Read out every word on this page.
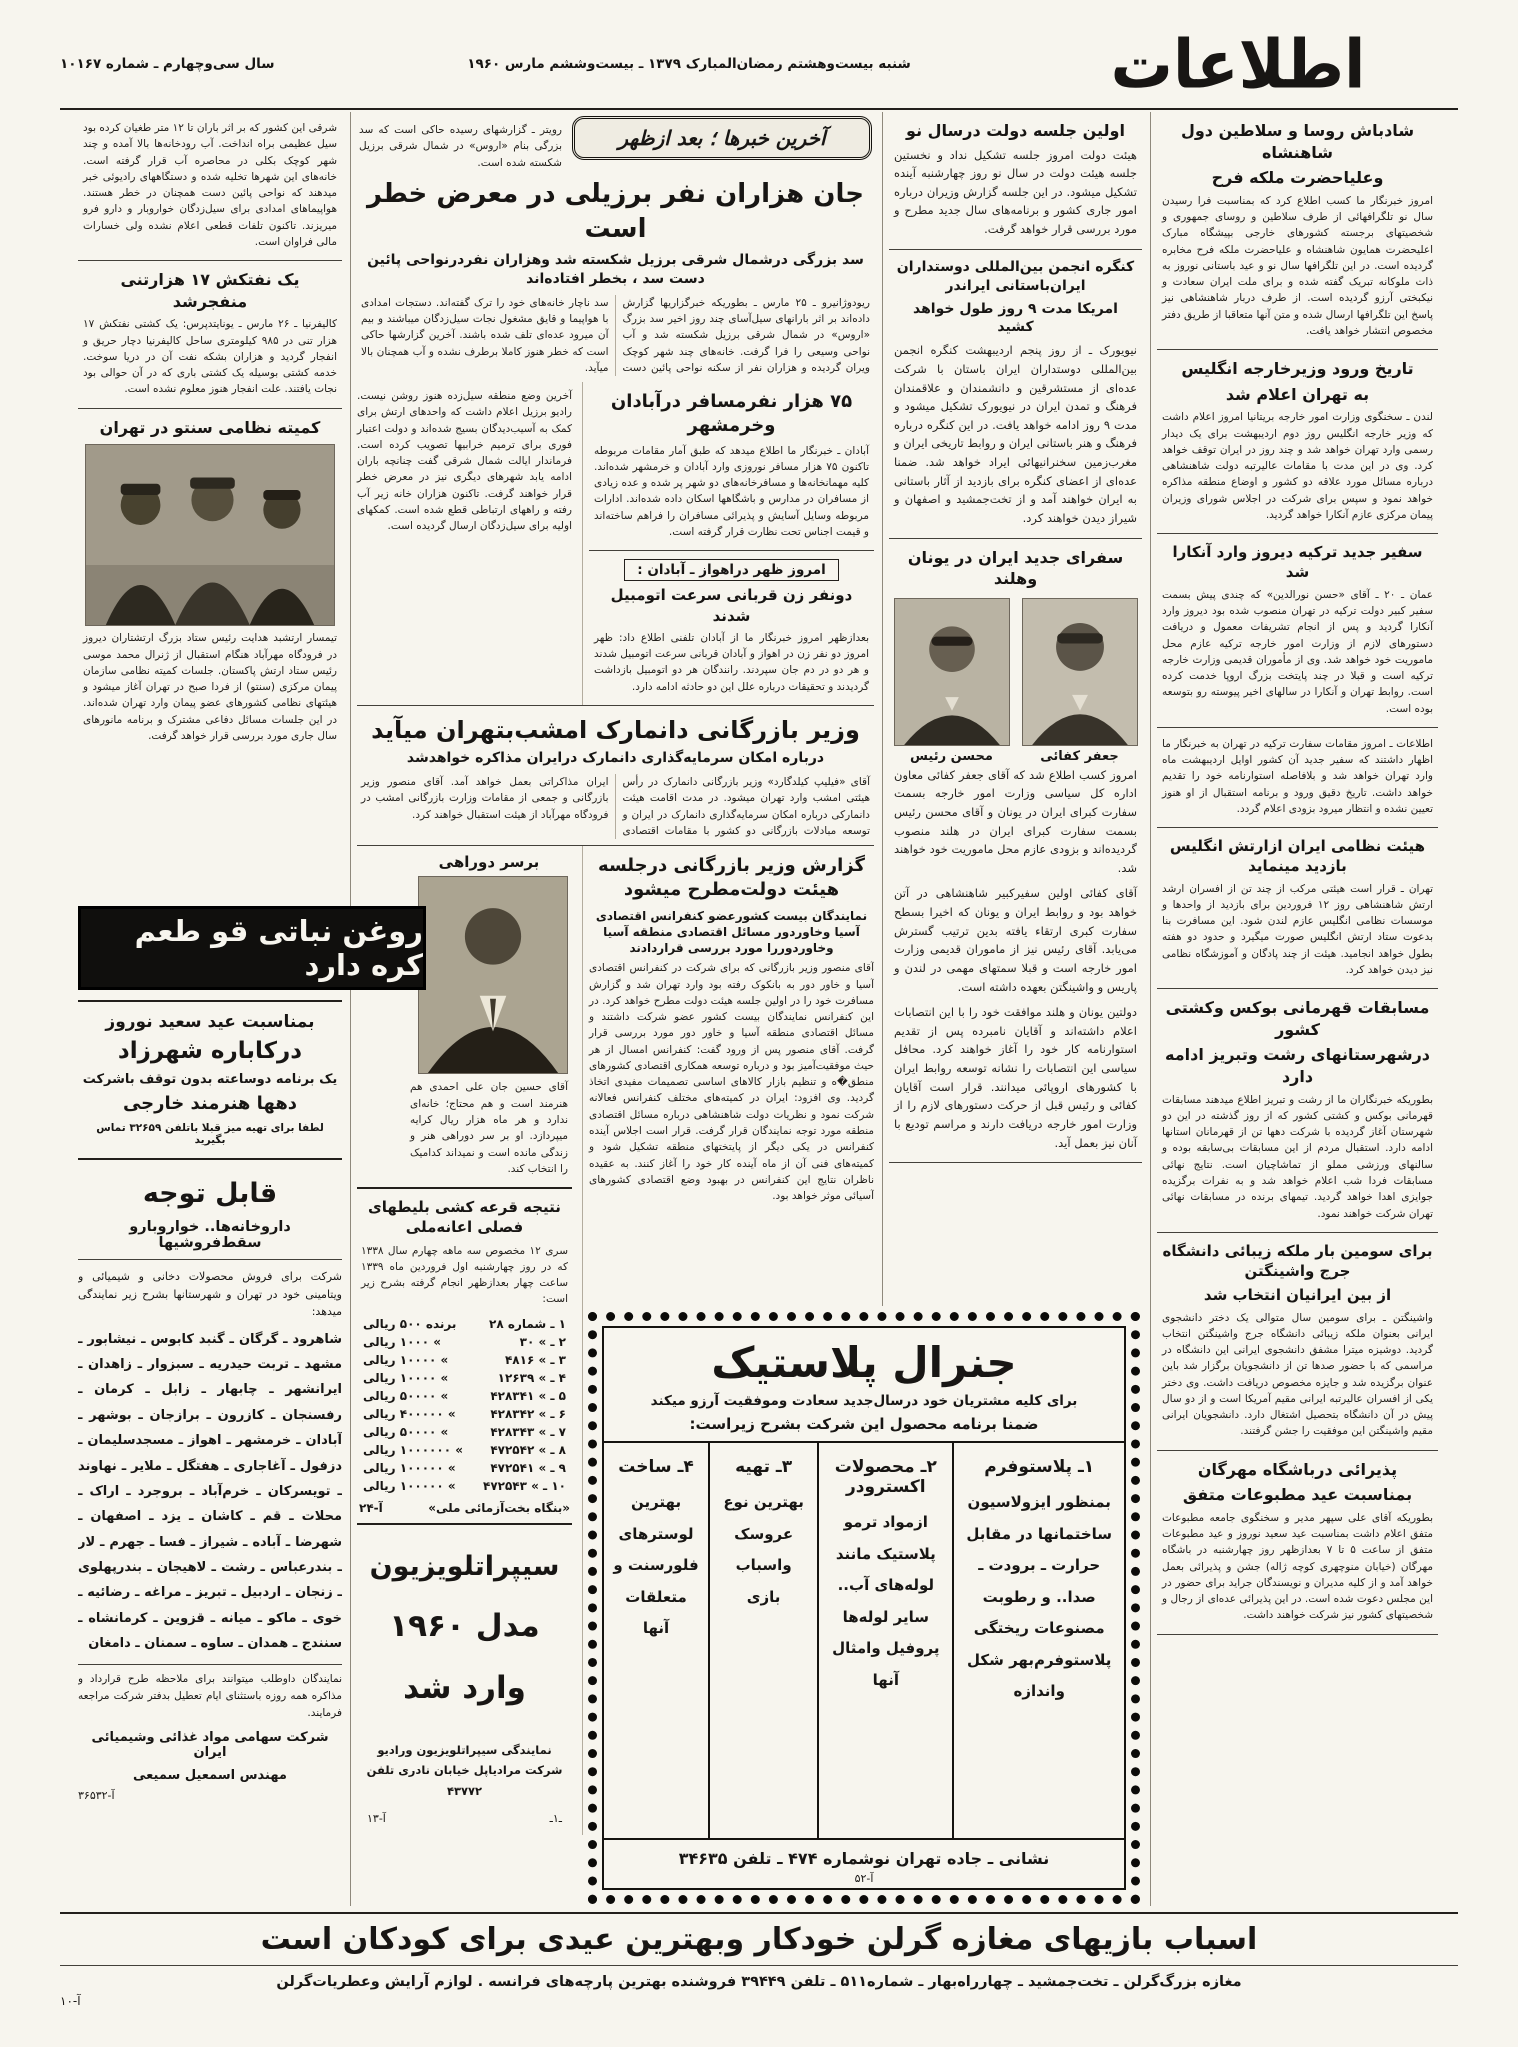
اطلاعات
شنبه بیست‌وهشتم رمضان‌المبارک ۱۳۷۹ ـ بیست‌وششم مارس ۱۹۶۰
سال سی‌وچهارم ـ شماره ۱۰۱۶۷
شادباش روسا و سلاطین دول شاهنشاه
وعلیاحضرت ملکه فرح

امروز خبرنگار ما کسب اطلاع کرد که بمناسبت فرا رسیدن سال نو تلگرافهائی از طرف سلاطین و روسای جمهوری و شخصیتهای برجسته کشورهای خارجی بپیشگاه مبارک اعلیحضرت همایون شاهنشاه و علیاحضرت ملکه فرح مخابره گردیده است. در این تلگرافها سال نو و عید باستانی نوروز به ذات ملوکانه تبریک گفته شده و برای ملت ایران سعادت و نیکبختی آرزو گردیده است. از طرف دربار شاهنشاهی نیز پاسخ این تلگرافها ارسال شده و متن آنها متعاقبا از طریق دفتر مخصوص انتشار خواهد یافت.

تاریخ ورود وزیرخارجه انگلیس
به تهران اعلام شد

لندن ـ سخنگوی وزارت امور خارجه بریتانیا امروز اعلام داشت که وزیر خارجه انگلیس روز دوم اردیبهشت برای یک دیدار رسمی وارد تهران خواهد شد و چند روز در ایران توقف خواهد کرد. وی در این مدت با مقامات عالیرتبه دولت شاهنشاهی درباره مسائل مورد علاقه دو کشور و اوضاع منطقه مذاکره خواهد نمود و سپس برای شرکت در اجلاس شورای وزیران پیمان مرکزی عازم آنکارا خواهد گردید.

سفیر جدید ترکیه دیروز وارد آنکارا شد

عمان ـ ۲۰ ـ آقای «حسن نورالدین» که چندی پیش بسمت سفیر کبیر دولت ترکیه در تهران منصوب شده بود دیروز وارد آنکارا گردید و پس از انجام تشریفات معمول و دریافت دستورهای لازم از وزارت امور خارجه ترکیه عازم محل ماموریت خود خواهد شد. وی از مأموران قدیمی وزارت خارجه ترکیه است و قبلا در چند پایتخت بزرگ اروپا خدمت کرده است. روابط تهران و آنکارا در سالهای اخیر پیوسته رو بتوسعه بوده است.

اطلاعات ـ امروز مقامات سفارت ترکیه در تهران به خبرنگار ما اظهار داشتند که سفیر جدید آن کشور اوایل اردیبهشت ماه وارد تهران خواهد شد و بلافاصله استوارنامه خود را تقدیم خواهد داشت. تاریخ دقیق ورود و برنامه استقبال از او هنوز تعیین نشده و انتظار میرود بزودی اعلام گردد.

هیئت نظامی ایران ازارتش انگلیس بازدید مینماید

تهران ـ قرار است هیئتی مرکب از چند تن از افسران ارشد ارتش شاهنشاهی روز ۱۲ فروردین برای بازدید از واحدها و موسسات نظامی انگلیس عازم لندن شود. این مسافرت بنا بدعوت ستاد ارتش انگلیس صورت میگیرد و حدود دو هفته بطول خواهد انجامید. هیئت از چند پادگان و آموزشگاه نظامی نیز دیدن خواهد کرد.

مسابقات قهرمانی بوکس وکشتی کشور
درشهرستانهای رشت وتبریز ادامه دارد

بطوریکه خبرنگاران ما از رشت و تبریز اطلاع میدهند مسابقات قهرمانی بوکس و کشتی کشور که از روز گذشته در این دو شهرستان آغاز گردیده با شرکت دهها تن از قهرمانان استانها ادامه دارد. استقبال مردم از این مسابقات بی‌سابقه بوده و سالنهای ورزشی مملو از تماشاچیان است. نتایج نهائی مسابقات فردا شب اعلام خواهد شد و به نفرات برگزیده جوایزی اهدا خواهد گردید. تیمهای برنده در مسابقات نهائی تهران شرکت خواهند نمود.

برای سومین بار ملکه زیبائی دانشگاه جرج واشینگتن
از بین ایرانیان انتخاب شد

واشینگتن ـ برای سومین سال متوالی یک دختر دانشجوی ایرانی بعنوان ملکه زیبائی دانشگاه جرج واشینگتن انتخاب گردید. دوشیزه میترا مشفق دانشجوی ایرانی این دانشگاه در مراسمی که با حضور صدها تن از دانشجویان برگزار شد باین عنوان برگزیده شد و جایزه مخصوص دریافت داشت. وی دختر یکی از افسران عالیرتبه ایرانی مقیم آمریکا است و از دو سال پیش در آن دانشگاه بتحصیل اشتغال دارد. دانشجویان ایرانی مقیم واشینگتن این موفقیت را جشن گرفتند.

پذیرائی درباشگاه مهرگان
بمناسبت عید مطبوعات متفق

بطوریکه آقای علی سپهر مدیر و سخنگوی جامعه مطبوعات متفق اعلام داشت بمناسبت عید سعید نوروز و عید مطبوعات متفق از ساعت ۵ تا ۷ بعدازظهر روز چهارشنبه در باشگاه مهرگان (خیابان منوچهری کوچه ژاله) جشن و پذیرائی بعمل خواهد آمد و از کلیه مدیران و نویسندگان جراید برای حضور در این مجلس دعوت شده است. در این پذیرائی عده‌ای از رجال و شخصیتهای کشور نیز شرکت خواهند داشت.

اولین جلسه دولت درسال نو

هیئت دولت امروز جلسه تشکیل نداد و نخستین جلسه هیئت دولت در سال نو روز چهارشنبه آینده تشکیل میشود. در این جلسه گزارش وزیران درباره امور جاری کشور و برنامه‌های سال جدید مطرح و مورد بررسی قرار خواهد گرفت.

کنگره انجمن بین‌المللی دوستداران ایران‌باستانی ایراندر
امریکا مدت ۹ روز طول خواهد کشید

نیویورک ـ از روز پنجم اردیبهشت کنگره انجمن بین‌المللی دوستداران ایران باستان با شرکت عده‌ای از مستشرقین و دانشمندان و علاقمندان فرهنگ و تمدن ایران در نیویورک تشکیل میشود و مدت ۹ روز ادامه خواهد یافت. در این کنگره درباره فرهنگ و هنر باستانی ایران و روابط تاریخی ایران و مغرب‌زمین سخنرانیهائی ایراد خواهد شد. ضمنا عده‌ای از اعضای کنگره برای بازدید از آثار باستانی به ایران خواهند آمد و از تخت‌جمشید و اصفهان و شیراز دیدن خواهند کرد.

سفرای جدید ایران در یونان وهلند
جعفر کفائی
محسن رئیس

امروز کسب اطلاع شد که آقای جعفر کفائی معاون اداره کل سیاسی وزارت امور خارجه بسمت سفارت کبرای ایران در یونان و آقای محسن رئیس بسمت سفارت کبرای ایران در هلند منصوب گردیده‌اند و بزودی عازم محل ماموریت خود خواهند شد.

آقای کفائی اولین سفیرکبیر شاهنشاهی در آتن خواهد بود و روابط ایران و یونان که اخیرا بسطح سفارت کبری ارتقاء یافته بدین ترتیب گسترش می‌یابد. آقای رئیس نیز از ماموران قدیمی وزارت امور خارجه است و قبلا سمتهای مهمی در لندن و پاریس و واشینگتن بعهده داشته است.

دولتین یونان و هلند موافقت خود را با این انتصابات اعلام داشته‌اند و آقایان نامبرده پس از تقدیم استوارنامه کار خود را آغاز خواهند کرد. محافل سیاسی این انتصابات را نشانه توسعه روابط ایران با کشورهای اروپائی میدانند. قرار است آقایان کفائی و رئیس قبل از حرکت دستورهای لازم را از وزارت امور خارجه دریافت دارند و مراسم تودیع با آنان نیز بعمل آید.

آخرین خبرها ؛ بعد ازظهر

رویتر ـ گزارشهای رسیده حاکی است که سد بزرگی بنام «اروس» در شمال شرقی برزیل شکسته شده است.

جان هزاران نفر برزیلی در معرض خطر است
سد بزرگی درشمال شرقی برزیل شکسته شد وهزاران نفردرنواحی پائین دست سد ، بخطر افتاده‌اند

ریودوژانیرو ـ ۲۵ مارس ـ بطوریکه خبرگزاریها گزارش داده‌اند بر اثر بارانهای سیل‌آسای چند روز اخیر سد بزرگ «اروس» در شمال شرقی برزیل شکسته شد و آب نواحی وسیعی را فرا گرفت. خانه‌های چند شهر کوچک ویران گردیده و هزاران نفر از سکنه نواحی پائین دست سد ناچار خانه‌های خود را ترک گفته‌اند. دستجات امدادی با هواپیما و قایق مشغول نجات سیل‌زدگان میباشند و بیم آن میرود عده‌ای تلف شده باشند. آخرین گزارشها حاکی است که خطر هنوز کاملا برطرف نشده و آب همچنان بالا میآید.

۷۵ هزار نفرمسافر درآبادان وخرمشهر

آبادان ـ خبرنگار ما اطلاع میدهد که طبق آمار مقامات مربوطه تاکنون ۷۵ هزار مسافر نوروزی وارد آبادان و خرمشهر شده‌اند. کلیه مهمانخانه‌ها و مسافرخانه‌های دو شهر پر شده و عده زیادی از مسافران در مدارس و باشگاهها اسکان داده شده‌اند. ادارات مربوطه وسایل آسایش و پذیرائی مسافران را فراهم ساخته‌اند و قیمت اجناس تحت نظارت قرار گرفته است.

امروز ظهر دراهواز ـ آبادان :
دونفر زن قربانی سرعت اتومبیل شدند

بعدازظهر امروز خبرنگار ما از آبادان تلفنی اطلاع داد: ظهر امروز دو نفر زن در اهواز و آبادان قربانی سرعت اتومبیل شدند و هر دو در دم جان سپردند. رانندگان هر دو اتومبیل بازداشت گردیدند و تحقیقات درباره علل این دو حادثه ادامه دارد.

آخرین وضع منطقه سیل‌زده هنوز روشن نیست. رادیو برزیل اعلام داشت که واحدهای ارتش برای کمک به آسیب‌دیدگان بسیج شده‌اند و دولت اعتبار فوری برای ترمیم خرابیها تصویب کرده است. فرماندار ایالت شمال شرقی گفت چنانچه باران ادامه یابد شهرهای دیگری نیز در معرض خطر قرار خواهند گرفت. تاکنون هزاران خانه زیر آب رفته و راههای ارتباطی قطع شده است. کمکهای اولیه برای سیل‌زدگان ارسال گردیده است.

وزیر بازرگانی دانمارک امشب‌بتهران میآید
درباره امکان سرمایه‌گذاری دانمارک درایران مذاکره خواهدشد

آقای «فیلیپ کیلدگارد» وزیر بازرگانی دانمارک در رأس هیئتی امشب وارد تهران میشود. در مدت اقامت هیئت دانمارکی درباره امکان سرمایه‌گذاری دانمارک در ایران و توسعه مبادلات بازرگانی دو کشور با مقامات اقتصادی ایران مذاکراتی بعمل خواهد آمد. آقای منصور وزیر بازرگانی و جمعی از مقامات وزارت بازرگانی امشب در فرودگاه مهرآباد از هیئت استقبال خواهند کرد.

گزارش وزیر بازرگانی درجلسه هیئت دولت‌مطرح میشود
نمایندگان بیست کشورعضو کنفرانس اقتصادی آسیا وخاوردور مسائل اقتصادی منطقه آسیا وخاوردوررا مورد بررسی قراردادند

آقای منصور وزیر بازرگانی که برای شرکت در کنفرانس اقتصادی آسیا و خاور دور به بانکوک رفته بود وارد تهران شد و گزارش مسافرت خود را در اولین جلسه هیئت دولت مطرح خواهد کرد. در این کنفرانس نمایندگان بیست کشور عضو شرکت داشتند و مسائل اقتصادی منطقه آسیا و خاور دور مورد بررسی قرار گرفت. آقای منصور پس از ورود گفت: کنفرانس امسال از هر حیث موفقیت‌آمیز بود و درباره توسعه همکاری اقتصادی کشورهای منطق�ه و تنظیم بازار کالاهای اساسی تصمیمات مفیدی اتخاذ گردید. وی افزود: ایران در کمیته‌های مختلف کنفرانس فعالانه شرکت نمود و نظریات دولت شاهنشاهی درباره مسائل اقتصادی منطقه مورد توجه نمایندگان قرار گرفت. قرار است اجلاس آینده کنفرانس در یکی دیگر از پایتختهای منطقه تشکیل شود و کمیته‌های فنی آن از ماه آینده کار خود را آغاز کنند. به عقیده ناظران نتایج این کنفرانس در بهبود وضع اقتصادی کشورهای آسیائی موثر خواهد بود.

برسر دوراهی

آقای حسین جان علی احمدی هم هنرمند است و هم محتاج؛ خانه‌ای ندارد و هر ماه هزار ریال کرایه میپردازد. او بر سر دوراهی هنر و زندگی مانده است و نمیداند کدامیک را انتخاب کند.

نتیجه قرعه کشی بلیطهای فصلی اعانه‌ملی

سری ۱۲ مخصوص سه ماهه چهارم سال ۱۳۳۸ که در روز چهارشنبه اول فروردین ماه ۱۳۳۹ ساعت چهار بعدازظهر انجام گرفته بشرح زیر است:

۱ ـ شماره ۲۸
برنده ۵۰۰ ریالی
۲ ـ » ۳۰
» ۱۰۰۰ ریالی
۳ ـ » ۴۸۱۶
» ۱۰۰۰۰ ریالی
۴ ـ » ۱۲۶۳۹
» ۱۰۰۰۰ ریالی
۵ ـ » ۴۲۸۳۴۱
» ۵۰۰۰۰ ریالی
۶ ـ » ۴۲۸۳۴۲
» ۴۰۰۰۰۰ ریالی
۷ ـ » ۴۲۸۳۴۳
» ۵۰۰۰۰ ریالی
۸ ـ » ۴۷۲۵۴۲
» ۱۰۰۰۰۰۰ ریالی
۹ ـ » ۴۷۲۵۴۱
» ۱۰۰۰۰۰ ریالی
۱۰ ـ » ۴۷۲۵۴۳
» ۱۰۰۰۰۰ ریالی
«بنگاه بخت‌آزمائی ملی»
آ-۲۴
سیپراتلویزیون
مدل ۱۹۶۰
وارد شد
نمایندگی سیپراتلویزیون ورادیو
شرکت مرادیاپل خیابان نادری تلفن ۴۳۷۷۲
ـ۱ـ
آ-۱۳

شرقی این کشور که بر اثر باران تا ۱۲ متر طغیان کرده بود سیل عظیمی براه انداخت. آب رودخانه‌ها بالا آمده و چند شهر کوچک بکلی در محاصره آب قرار گرفته است. خانه‌های این شهرها تخلیه شده و دستگاههای رادیوئی خبر میدهند که نواحی پائین دست همچنان در خطر هستند. هواپیماهای امدادی برای سیل‌زدگان خواروبار و دارو فرو میریزند. تاکنون تلفات قطعی اعلام نشده ولی خسارات مالی فراوان است.

یک نفتکش ۱۷ هزارتنی منفجرشد

کالیفرنیا ـ ۲۶ مارس ـ یونایتدپرس: یک کشتی نفتکش ۱۷ هزار تنی در ۹۸۵ کیلومتری ساحل کالیفرنیا دچار حریق و انفجار گردید و هزاران بشکه نفت آن در دریا سوخت. خدمه کشتی بوسیله یک کشتی باری که در آن حوالی بود نجات یافتند. علت انفجار هنوز معلوم نشده است.

کمیته نظامی سنتو در تهران

تیمسار ارتشبد هدایت رئیس ستاد بزرگ ارتشتاران دیروز در فرودگاه مهرآباد هنگام استقبال از ژنرال محمد موسی رئیس ستاد ارتش پاکستان. جلسات کمیته نظامی سازمان پیمان مرکزی (سنتو) از فردا صبح در تهران آغاز میشود و هیئتهای نظامی کشورهای عضو پیمان وارد تهران شده‌اند. در این جلسات مسائل دفاعی مشترک و برنامه مانورهای سال جاری مورد بررسی قرار خواهد گرفت.

روغن نباتی قو طعم کره دارد
بمناسبت عید سعید نوروز
درکاباره شهرزاد
یک برنامه دوساعته بدون توقف باشرکت
دهها هنرمند خارجی
لطفا برای تهیه میز قبلا باتلفن ۳۲۶۵۹ تماس بگیرید
قابل توجه
داروخانه‌ها.. خواروبارو سقط‌فروشیها

شرکت برای فروش محصولات دخانی و شیمیائی و ویتامینی خود در تهران و شهرستانها بشرح زیر نمایندگی میدهد:

شاهرود ـ گرگان ـ گنبد کابوس ـ نیشابور ـ مشهد ـ تربت حیدریه ـ سبزوار ـ زاهدان ـ ایرانشهر ـ چابهار ـ زابل ـ کرمان ـ رفسنجان ـ کازرون ـ برازجان ـ بوشهر ـ آبادان ـ خرمشهر ـ اهواز ـ مسجدسلیمان ـ دزفول ـ آغاجاری ـ هفتگل ـ ملایر ـ نهاوند ـ تویسرکان ـ خرم‌آباد ـ بروجرد ـ اراک ـ محلات ـ قم ـ کاشان ـ یزد ـ اصفهان ـ شهرضا ـ آباده ـ شیراز ـ فسا ـ جهرم ـ لار ـ بندرعباس ـ رشت ـ لاهیجان ـ بندرپهلوی ـ زنجان ـ اردبیل ـ تبریز ـ مراغه ـ رضائیه ـ خوی ـ ماکو ـ میانه ـ قزوین ـ کرمانشاه ـ سنندج ـ همدان ـ ساوه ـ سمنان ـ دامغان

نمایندگان داوطلب میتوانند برای ملاحظه طرح قرارداد و مذاکره همه روزه باستثنای ایام تعطیل بدفتر شرکت مراجعه فرمایند.

شرکت سهامی مواد غذائی وشیمیائی ایران
مهندس اسمعیل سمیعی
آ-۳۶۵۳۲
جنرال پلاستیک
برای کلیه مشتریان خود درسال‌جدید سعادت وموفقیت آرزو میکند
ضمنا برنامه محصول این شرکت بشرح زیراست:
۱ـ پلاستوفرم
بمنظور ایزولاسیون ساختمانها در مقابل حرارت ـ برودت ـ صدا.. و رطوبت مصنوعات ریختگی پلاستوفرم‌بهر شکل واندازه
۲ـ محصولات اکسترودر
ازمواد ترمو پلاستیک مانند لوله‌های آب.. سایر لوله‌ها پروفیل وامثال آنها
۳ـ تهیه
بهترین نوع عروسک واسباب بازی
۴ـ ساخت
بهترین لوسترهای فلورسنت و متعلقات آنها
نشانی ـ جاده تهران نوشماره ۴۷۴ ـ تلفن ۳۴۶۳۵
آ-۵۲
اسباب بازیهای مغازه گرلن خودکار وبهترین عیدی برای کودکان است
مغازه بزرگ‌گرلن ـ تخت‌جمشید ـ چهارراه‌بهار ـ شماره۵۱۱ ـ تلفن ۳۹۴۴۹ فروشنده بهترین پارچه‌های فرانسه . لوازم آرایش وعطریات‌گرلن
آ-۱۰
